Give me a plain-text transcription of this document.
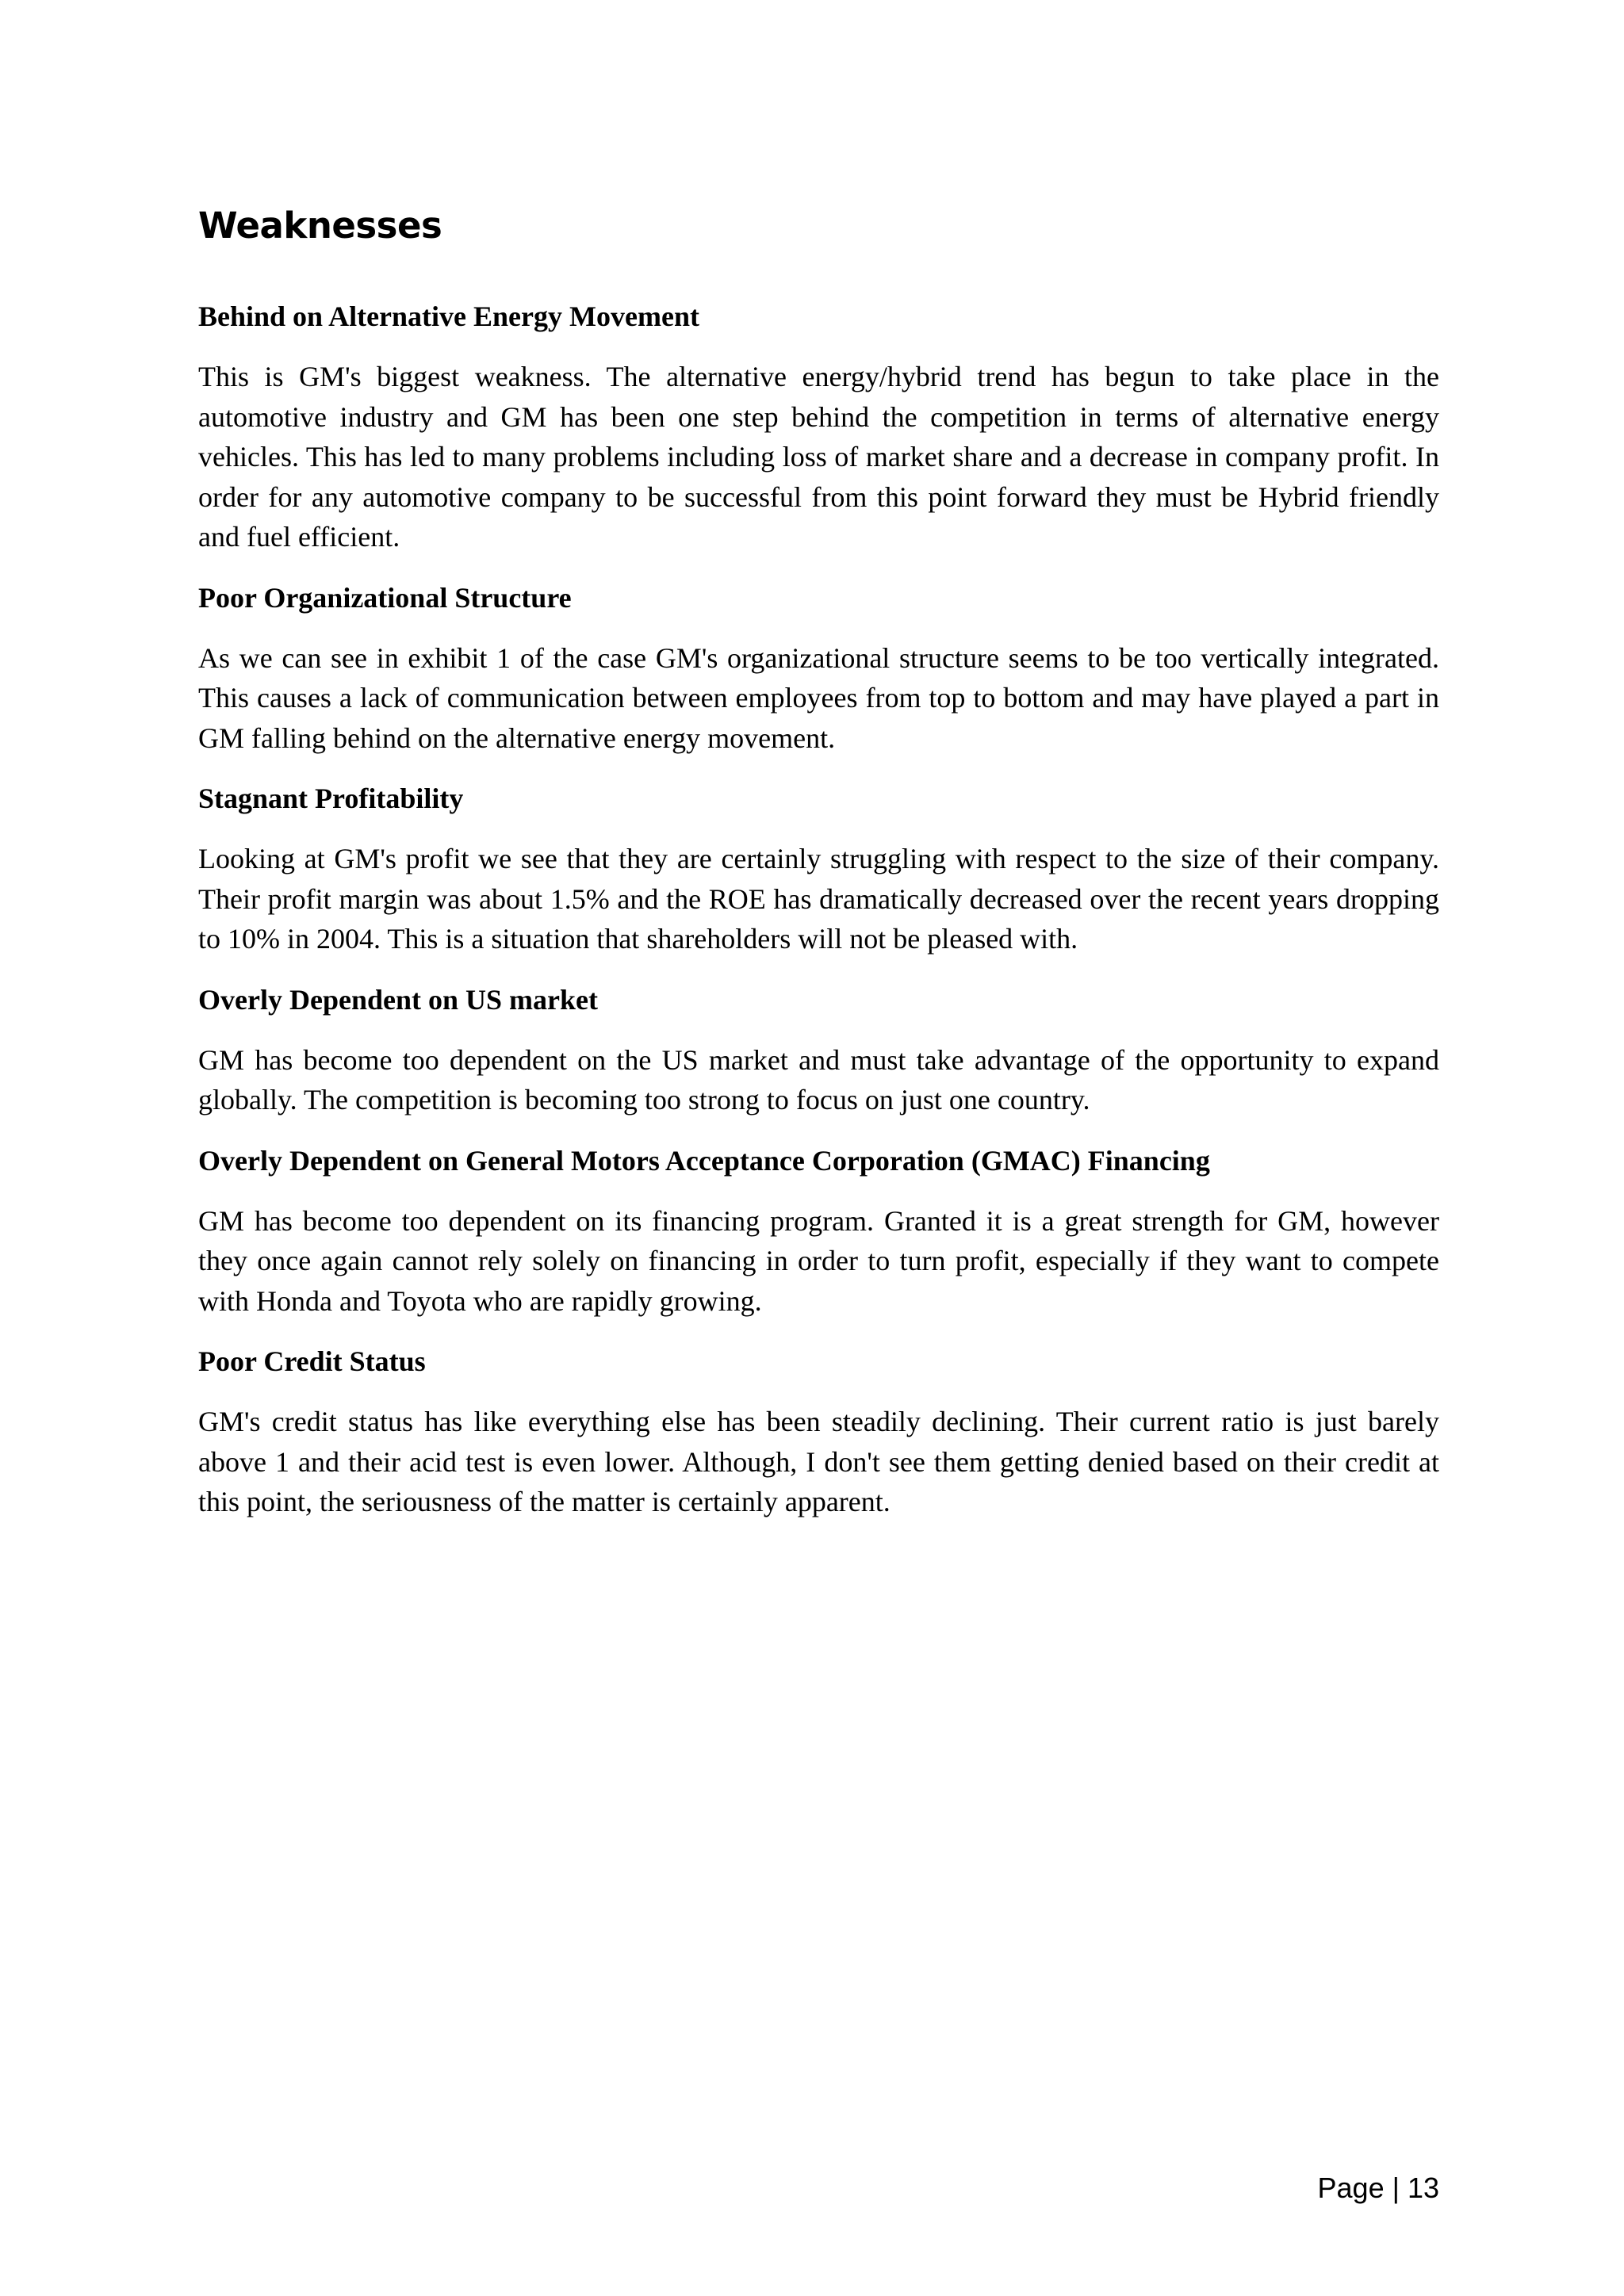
Weaknesses
Behind on Alternative Energy Movement

This is GM's biggest weakness. The alternative energy/hybrid trend has begun to take place in the automotive industry and GM has been one step behind the competition in terms of alternative energy vehicles. This has led to many problems including loss of market share and a decrease in company profit. In order for any automotive company to be successful from this point forward they must be Hybrid friendly and fuel efficient.

Poor Organizational Structure

As we can see in exhibit 1 of the case GM's organizational structure seems to be too vertically integrated. This causes a lack of communication between employees from top to bottom and may have played a part in GM falling behind on the alternative energy movement.

Stagnant Profitability

Looking at GM's profit we see that they are certainly struggling with respect to the size of their company. Their profit margin was about 1.5% and the ROE has dramatically decreased over the recent years dropping to 10% in 2004. This is a situation that shareholders will not be pleased with.

Overly Dependent on US market

GM has become too dependent on the US market and must take advantage of the opportunity to expand globally. The competition is becoming too strong to focus on just one country.

Overly Dependent on General Motors Acceptance Corporation (GMAC) Financing

GM has become too dependent on its financing program. Granted it is a great strength for GM, however they once again cannot rely solely on financing in order to turn profit, especially if they want to compete with Honda and Toyota who are rapidly growing.

Poor Credit Status

GM's credit status has like everything else has been steadily declining. Their current ratio is just barely above 1 and their acid test is even lower. Although, I don't see them getting denied based on their credit at this point, the seriousness of the matter is certainly apparent.

Page | 13
